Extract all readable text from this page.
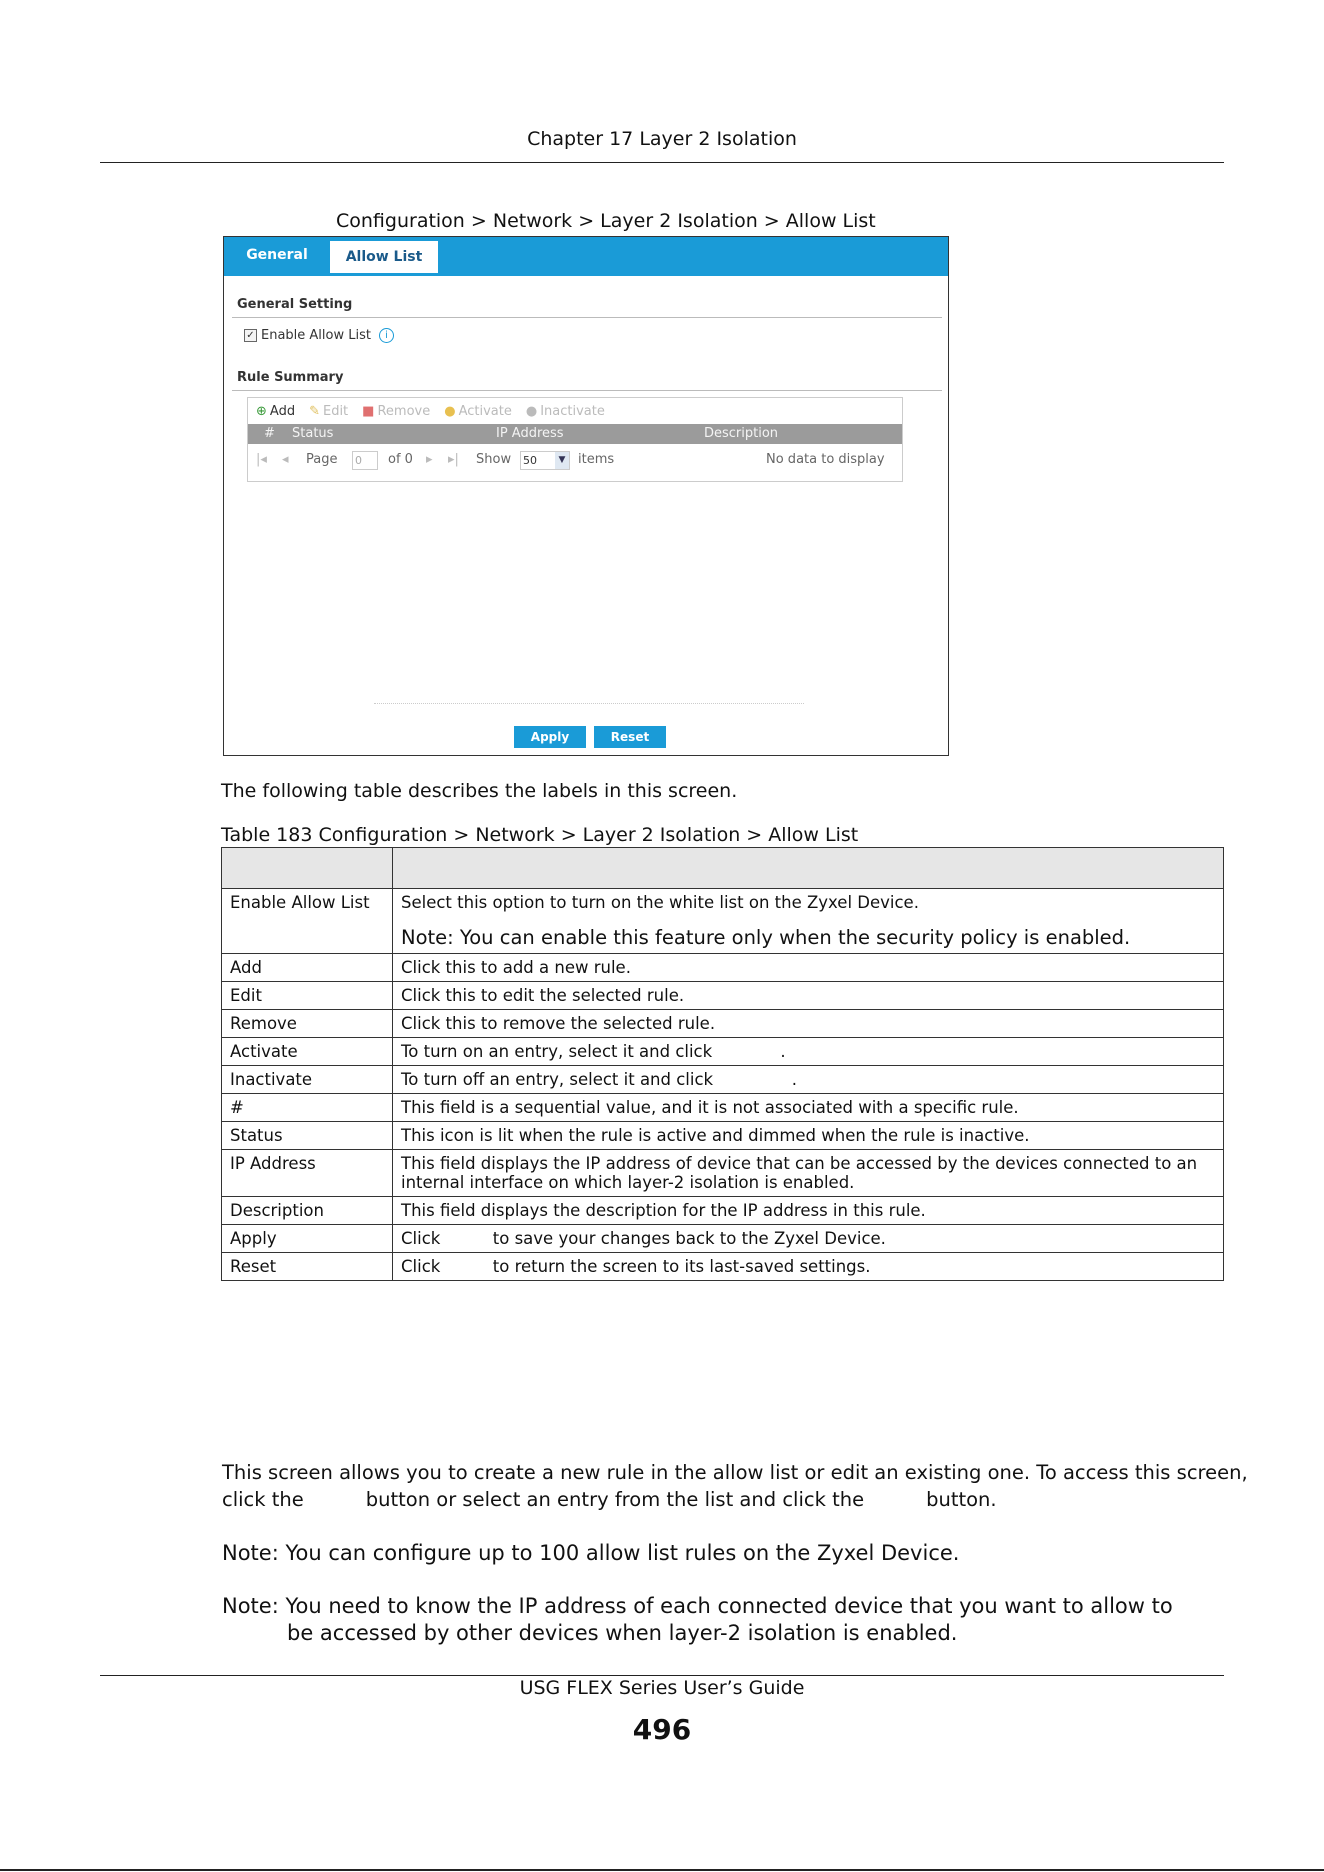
Chapter 17 Layer 2 Isolation
Configuration > Network > Layer 2 Isolation > Allow List
General	Allow List
General Setting
✓ Enable Allow List	i
Rule Summary
⊕ Add ✎ Edit ■ Remove ● Activate ● Inactivate
# Status	IP Address	Description
|◂ ◂ Page 0	of 0 ▸ ▸| Show 50	▼ items	No data to display
Apply	Reset
The following table describes the labels in this screen.
Table 183 Configuration > Network > Layer 2 Isolation > Allow List

Enable Allow List	Select this option to turn on the white list on the Zyxel Device.
Note: You can enable this feature only when the security policy is enabled.

Add	Click this to add a new rule.
Edit	Click this to edit the selected rule.
Remove	Click this to remove the selected rule.
Activate	To turn on an entry, select it and click             .
Inactivate	To turn off an entry, select it and click               .
#	This field is a sequential value, and it is not associated with a specific rule.
Status	This icon is lit when the rule is active and dimmed when the rule is inactive.
IP Address	This field displays the IP address of device that can be accessed by the devices connected to an internal interface on which layer-2 isolation is enabled.
Description	This field displays the description for the IP address in this rule.
Apply	Click          to save your changes back to the Zyxel Device.
Reset	Click          to return the screen to its last-saved settings.
This screen allows you to create a new rule in the allow list or edit an existing one. To access this screen,
click the          button or select an entry from the list and click the          button.
Note: You can configure up to 100 allow list rules on the Zyxel Device.
Note: You need to know the IP address of each connected device that you want to allow to
be accessed by other devices when layer-2 isolation is enabled.
USG FLEX Series User’s Guide
496
